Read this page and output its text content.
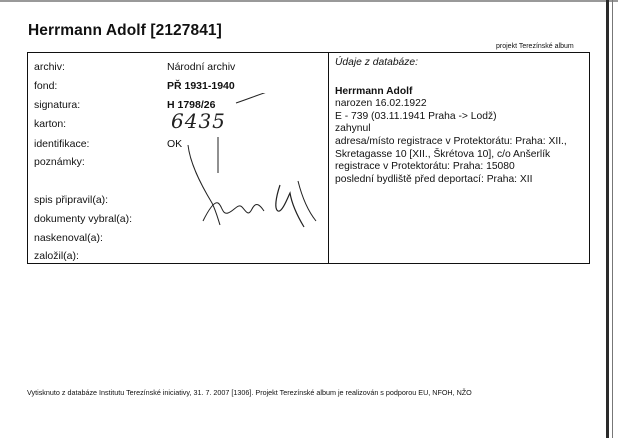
Herrmann Adolf [2127841]
projekt Terezínské album
archiv:
fond:
signatura:
karton:
identifikace:
poznámky:
spis připravil(a):
dokumenty vybral(a):
naskenoval(a):
založil(a):
Národní archiv
PŘ 1931-1940
H 1798/26
OK
6435
Údaje z databáze:
Herrmann Adolf
narozen 16.02.1922
E - 739 (03.11.1941 Praha -> Lodž)
zahynul
adresa/místo registrace v Protektorátu: Praha: XII., Skretagasse 10 [XII., Škrétova 10], c/o Anšerlík
registrace v Protektorátu: Praha: 15080
poslední bydliště před deportací: Praha: XII
Vytisknuto z databáze Institutu Terezínské iniciativy, 31. 7. 2007 [1306]. Projekt Terezínské album je realizován s podporou EU, NFOH, NŽO
